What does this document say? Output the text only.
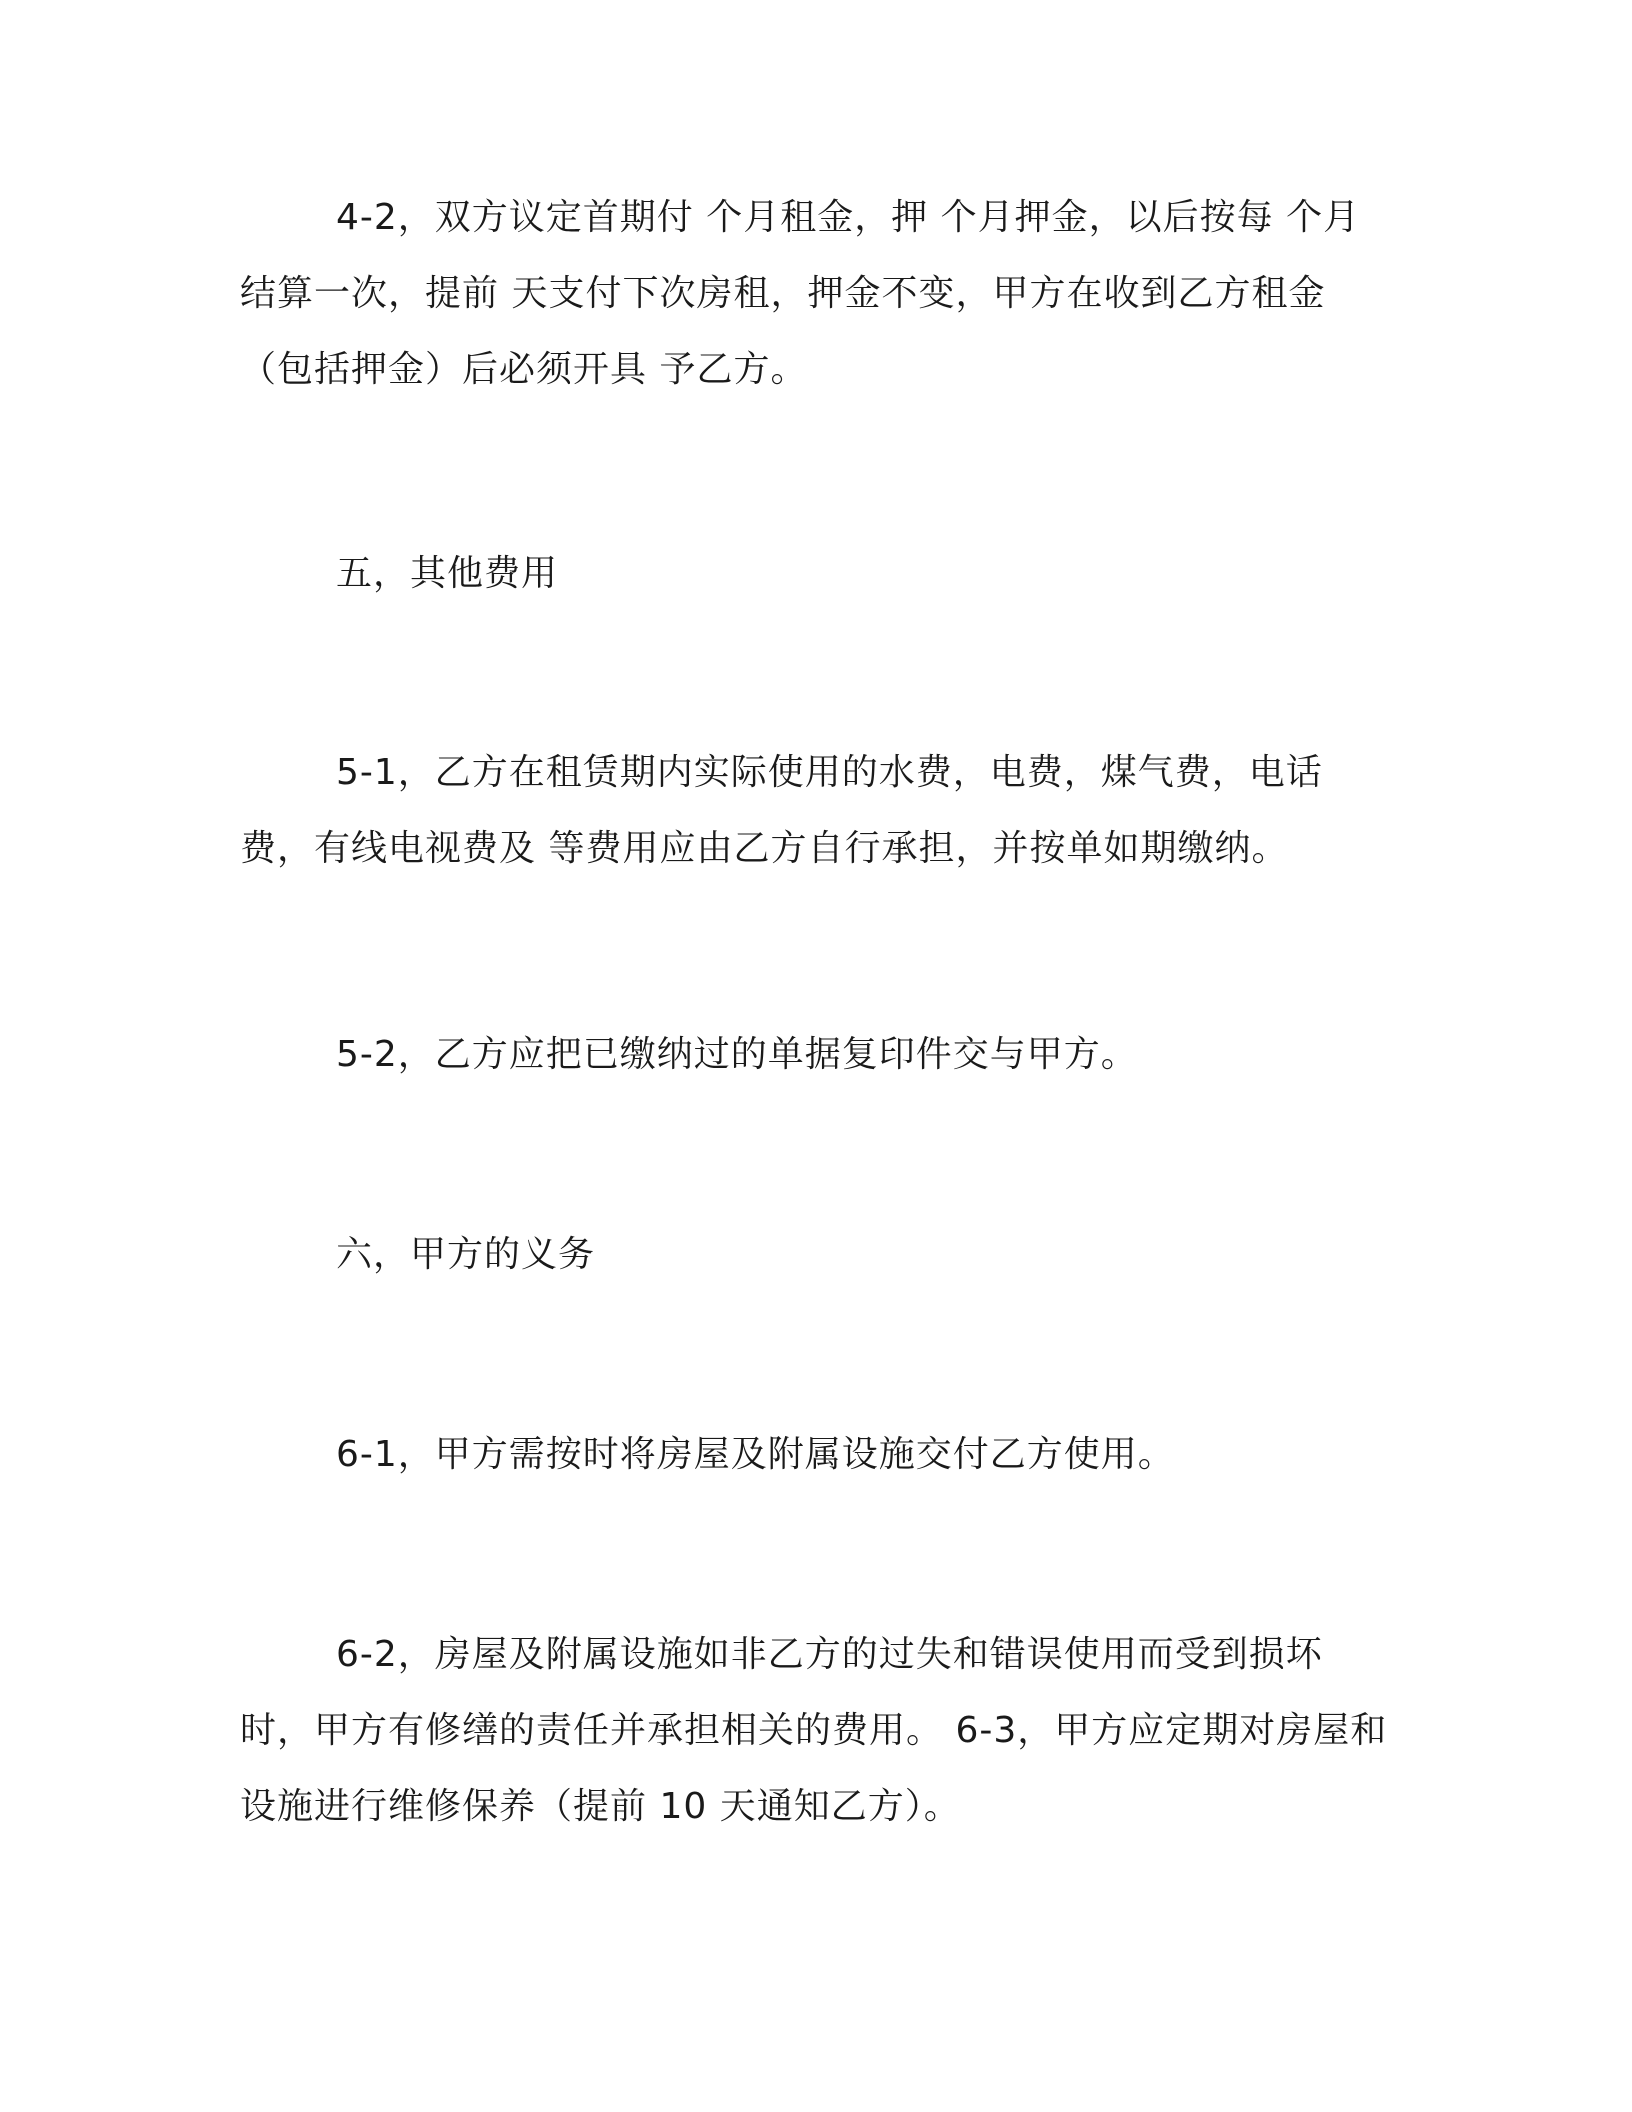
4-2，双方议定首期付 个月租金，押 个月押金，以后按每 个月结算一次，提前 天支付下次房租，押金不变，甲方在收到乙方租金（包括押金）后必须开具 予乙方。

五，其他费用

5-1，乙方在租赁期内实际使用的水费，电费，煤气费，电话费，有线电视费及 等费用应由乙方自行承担，并按单如期缴纳。

5-2，乙方应把已缴纳过的单据复印件交与甲方。

六，甲方的义务

6-1，甲方需按时将房屋及附属设施交付乙方使用。

6-2，房屋及附属设施如非乙方的过失和错误使用而受到损坏时，甲方有修缮的责任并承担相关的费用。 6-3，甲方应定期对房屋和设施进行维修保养（提前 10 天通知乙方）。
